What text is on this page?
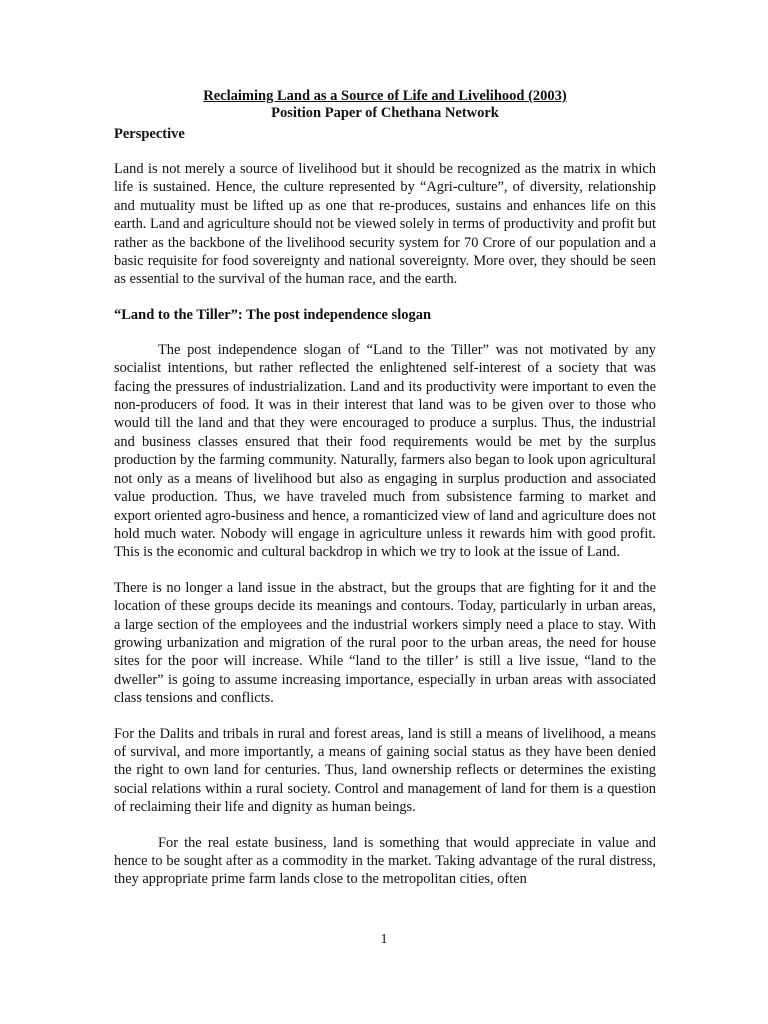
Reclaiming Land as a Source of Life and Livelihood (2003)
Position Paper of Chethana Network
Perspective

Land is not merely a source of livelihood but it should be recognized as the matrix in which life is sustained. Hence, the culture represented by “Agri-culture”, of diversity, relationship and mutuality must be lifted up as one that re-produces, sustains and enhances life on this earth. Land and agriculture should not be viewed solely in terms of productivity and profit but rather as the backbone of the livelihood security system for 70 Crore of our population and a basic requisite for food sovereignty and national sovereignty. More over, they should be seen as essential to the survival of the human race, and the earth.

“Land to the Tiller”: The post independence slogan

The post independence slogan of “Land to the Tiller” was not motivated by any socialist intentions, but rather reflected the enlightened self-interest of a society that was facing the pressures of industrialization. Land and its productivity were important to even the non-producers of food. It was in their interest that land was to be given over to those who would till the land and that they were encouraged to produce a surplus. Thus, the industrial and business classes ensured that their food requirements would be met by the surplus production by the farming community. Naturally, farmers also began to look upon agricultural not only as a means of livelihood but also as engaging in surplus production and associated value production. Thus, we have traveled much from subsistence farming to market and export oriented agro-business and hence, a romanticized view of land and agriculture does not hold much water. Nobody will engage in agriculture unless it rewards him with good profit. This is the economic and cultural backdrop in which we try to look at the issue of Land.

There is no longer a land issue in the abstract, but the groups that are fighting for it and the location of these groups decide its meanings and contours. Today, particularly in urban areas, a large section of the employees and the industrial workers simply need a place to stay. With growing urbanization and migration of the rural poor to the urban areas, the need for house sites for the poor will increase. While “land to the tiller’ is still a live issue, “land to the dweller” is going to assume increasing importance, especially in urban areas with associated class tensions and conflicts.

For the Dalits and tribals in rural and forest areas, land is still a means of livelihood, a means of survival, and more importantly, a means of gaining social status as they have been denied the right to own land for centuries. Thus, land ownership reflects or determines the existing social relations within a rural society. Control and management of land for them is a question of reclaiming their life and dignity as human beings.

For the real estate business, land is something that would appreciate in value and hence to be sought after as a commodity in the market. Taking advantage of the rural distress, they appropriate prime farm lands close to the metropolitan cities, often

1
